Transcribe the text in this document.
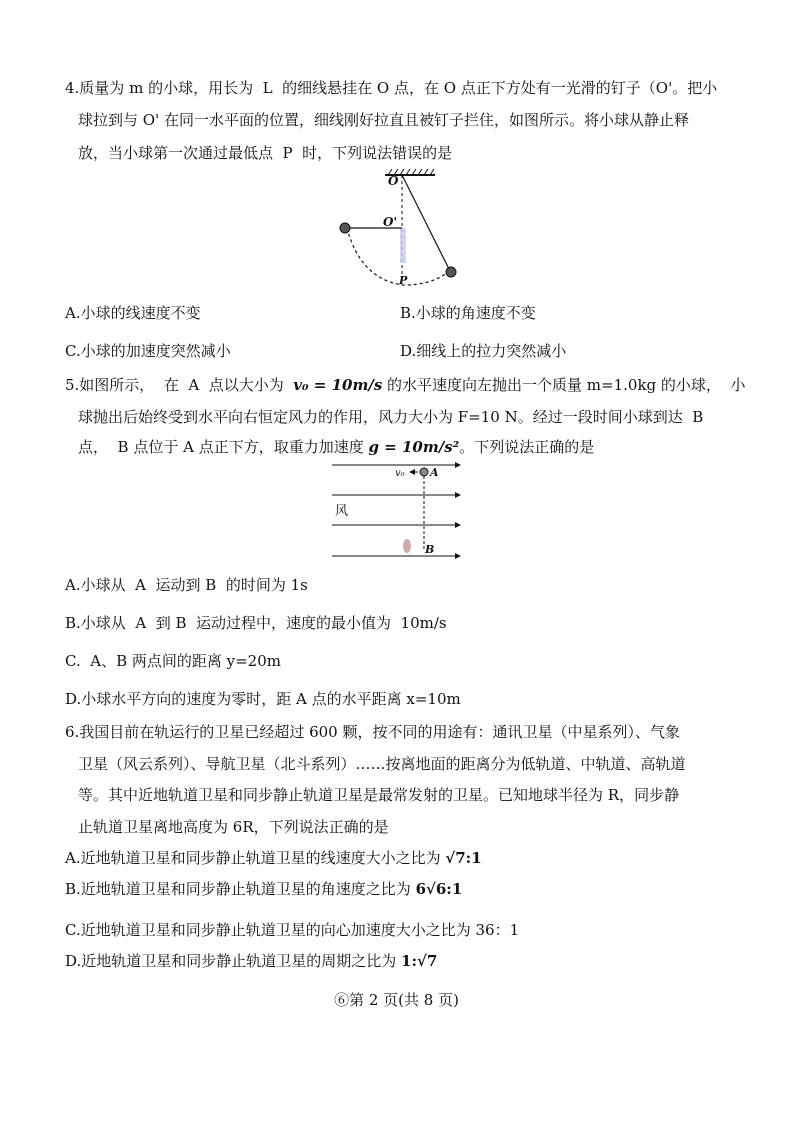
4.质量为 m 的小球，用长为  L  的细线悬挂在 O 点，在 O 点正下方处有一光滑的钉子（O'。把小
球拉到与 O' 在同一水平面的位置，细线刚好拉直且被钉子拦住，如图所示。将小球从静止释
放，当小球第一次通过最低点  P  时，下列说法错误的是
O
O'
P
A.小球的线速度不变	B.小球的角速度不变
C.小球的加速度突然减小	D.细线上的拉力突然减小
5.如图所示，  在  A  点以大小为  v₀ = 10m/s 的水平速度向左抛出一个质量 m=1.0kg 的小球，  小
球抛出后始终受到水平向右恒定风力的作用，风力大小为 F=10 N。经过一段时间小球到达  B
点，  B 点位于 A 点正下方，取重力加速度 g = 10m/s²。下列说法正确的是
v₀ A
风
B
A.小球从  A  运动到 B  的时间为 1s
B.小球从  A  到 B  运动过程中，速度的最小值为  10m/s
C.  A、B 两点间的距离 y=20m
D.小球水平方向的速度为零时，距 A 点的水平距离 x=10m
6.我国目前在轨运行的卫星已经超过 600 颗，按不同的用途有：通讯卫星（中星系列）、气象
卫星（风云系列）、导航卫星（北斗系列）……按离地面的距离分为低轨道、中轨道、高轨道
等。其中近地轨道卫星和同步静止轨道卫星是最常发射的卫星。已知地球半径为 R，同步静
止轨道卫星离地高度为 6R，下列说法正确的是
A.近地轨道卫星和同步静止轨道卫星的线速度大小之比为 √7:1
B.近地轨道卫星和同步静止轨道卫星的角速度之比为 6√6:1
C.近地轨道卫星和同步静止轨道卫星的向心加速度大小之比为 36：1
D.近地轨道卫星和同步静止轨道卫星的周期之比为 1:√7
⑥第 2 页(共 8 页)
